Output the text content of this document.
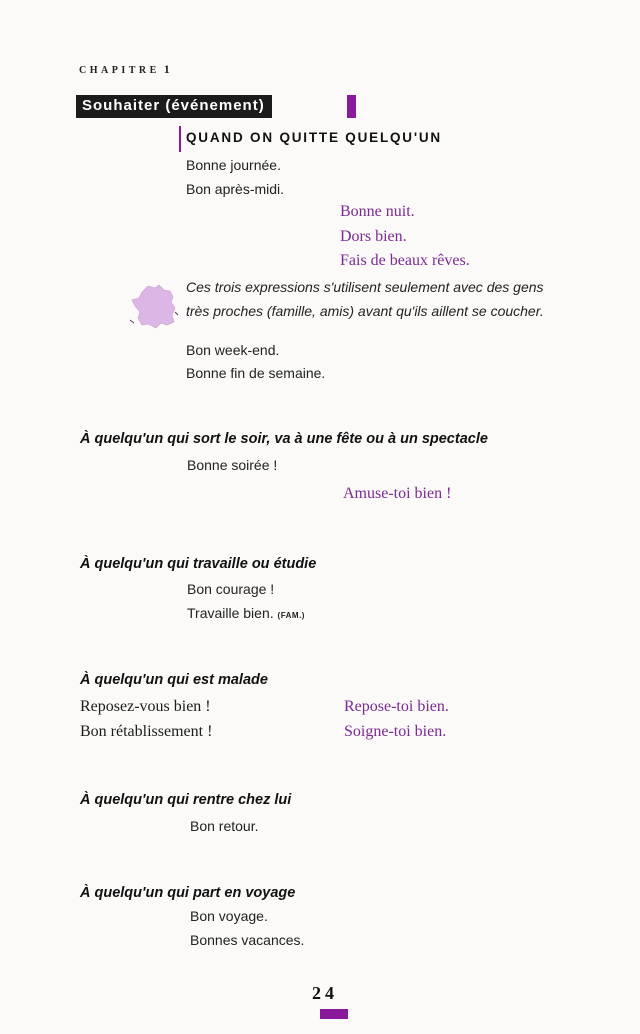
CHAPITRE 1
Souhaiter (événement)
QUAND ON QUITTE QUELQU'UN
Bonne journée.
Bon après-midi.
Bonne nuit.
Dors bien.
Fais de beaux rêves.
Ces trois expressions s'utilisent seulement avec des gens
très proches (famille, amis) avant qu'ils aillent se coucher.
Bon week-end.
Bonne fin de semaine.
À quelqu'un qui sort le soir, va à une fête ou à un spectacle
Bonne soirée !
Amuse-toi bien !
À quelqu'un qui travaille ou étudie
Bon courage !
Travaille bien. (FAM.)
À quelqu'un qui est malade
Reposez-vous bien !
Bon rétablissement !
Repose-toi bien.
Soigne-toi bien.
À quelqu'un qui rentre chez lui
Bon retour.
À quelqu'un qui part en voyage
Bon voyage.
Bonnes vacances.
24
